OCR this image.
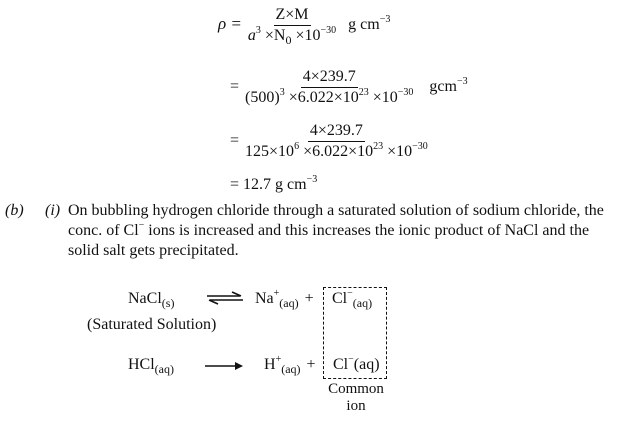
$\rho = \frac{Z\times M}{a^3 \times N_0 \times 10^{-30}}$ g $cm^{-3}$
= $\frac{4\times 239.7}{(500)^3 \times 6.022\times 10^{23} \times 10^{-30}} gcm^{-3}$
= $\frac{4\times 239.7}{125\times 10^6 \times 6.022\times 10^{23} \times 10^{-30}}$
= 12.7 g $cm^{-3}$
(b) (i) On bubbling hydrogen chloride through a saturated solution of sodium chloride, the
conc. of Cl− ions is increased and this increases the ionic product of NaCl and the
solid salt gets precipitated.
NaCl$_{(s)}$
(Saturated Solution)
⇌ $Na^+_{(aq)} + Cl^-_{(aq)}$
HCl$_{(aq)}$	$H^+_{(aq)} + Cl^-(aq)$
Common
ion
